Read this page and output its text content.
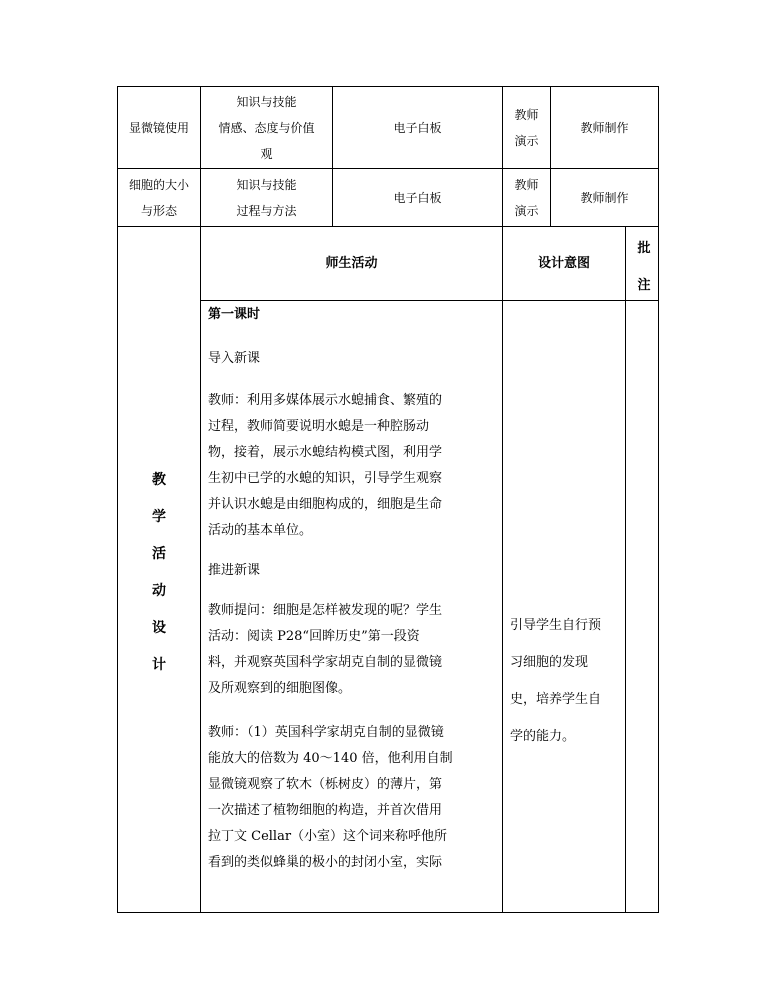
显微镜使用
知识与技能
情感、态度与价值
观
电子白板
教师
演示
教师制作
细胞的大小
与形态
知识与技能
过程与方法
电子白板
教师
演示
教师制作
教
学
活
动
设
计
师生活动	设计意图
批
注

第一课时

导入新课

教师：利用多媒体展示水螅捕食、繁殖的

过程，教师简要说明水螅是一种腔肠动

物，接着，展示水螅结构模式图，利用学

生初中已学的水螅的知识，引导学生观察

并认识水螅是由细胞构成的，细胞是生命

活动的基本单位。

推进新课

教师提问：细胞是怎样被发现的呢？学生

活动：阅读 P28“回眸历史”第一段资

料，并观察英国科学家胡克自制的显微镜

及所观察到的细胞图像。

教师：（1）英国科学家胡克自制的显微镜

能放大的倍数为 40～140 倍，他利用自制

显微镜观察了软木（栎树皮）的薄片，第

一次描述了植物细胞的构造，并首次借用

拉丁文 Cellar（小室）这个词来称呼他所

看到的类似蜂巢的极小的封闭小室，实际

引导学生自行预
习细胞的发现
史，培养学生自
学的能力。
